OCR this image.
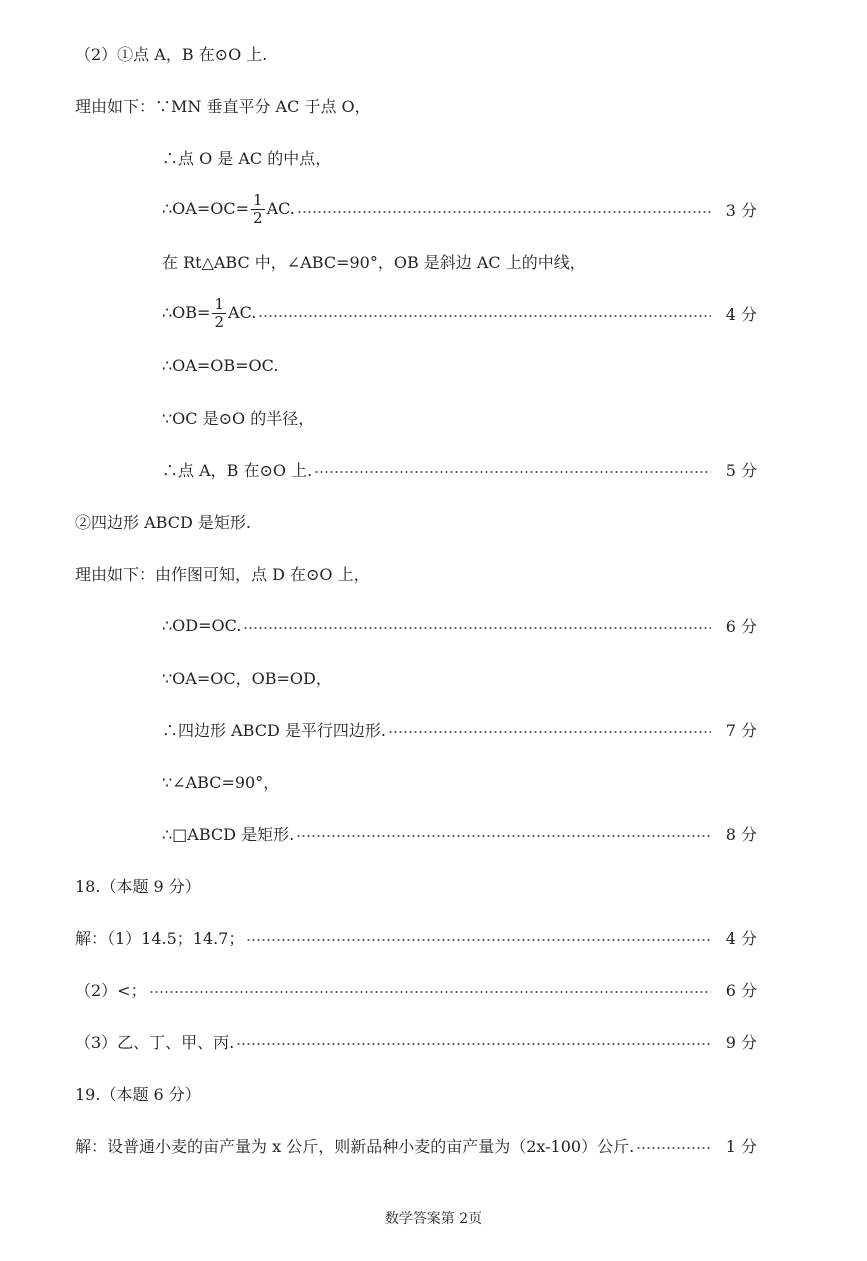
（2）①点 A，B 在⊙O 上.
理由如下：∵MN 垂直平分 AC 于点 O，
∴点 O 是 AC 的中点，
∴OA=OC= $\frac{1}{2}$ AC.	3 分
在 Rt△ABC 中，∠ABC=90°，OB 是斜边 AC 上的中线，
∴OB= $\frac{1}{2}$ AC.	4 分
∴OA=OB=OC.
∵OC 是⊙O 的半径，
∴点 A，B 在⊙O 上.	5 分
②四边形 ABCD 是矩形.
理由如下：由作图可知，点 D 在⊙O 上，
∴OD=OC.	6 分
∵OA=OC，OB=OD，
∴四边形 ABCD 是平行四边形.	7 分
∵∠ABC=90°，
∴□ABCD 是矩形.	8 分
18.（本题 9 分）
解：（1）14.5；14.7；	4 分
（2）<；	6 分
（3）乙、丁、甲、丙.	9 分
19.（本题 6 分）
解：设普通小麦的亩产量为 x 公斤，则新品种小麦的亩产量为（2x-100）公斤.	1 分
数学答案第 2页
